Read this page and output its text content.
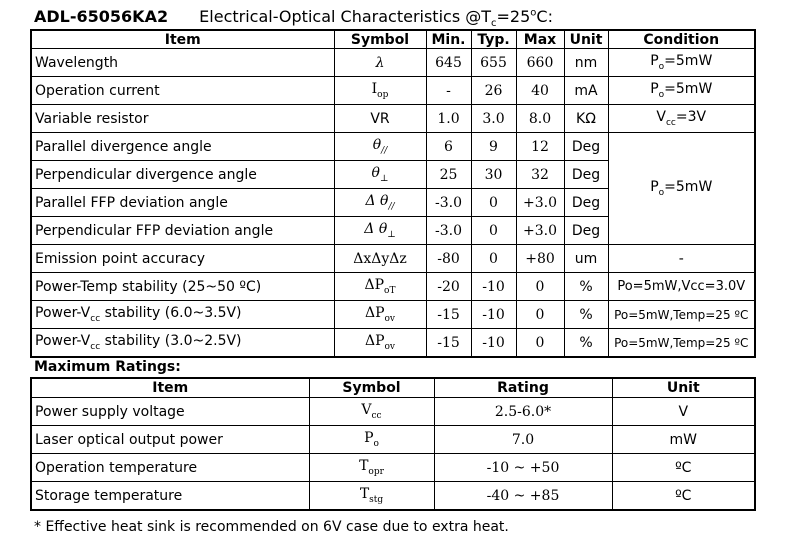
ADL-65056KA2 Electrical-Optical Characteristics $@T_c=25^oC$:
Item	Symbol	Min.	Typ.	Max	Unit	Condition
Wavelength	λ	645	655	660	nm	$P_o=5mW$
Operation current	$I_{op}$	-	26	40	mA	$P_o=5mW$
Variable resistor	VR	1.0	3.0	8.0	KΩ	$V_{cc}=3V$
Parallel divergence angle	$\theta_{//}$	6	9	12	Deg	$P_o=5mW$
Perpendicular divergence angle	$\theta_\perp$	25	30	32	Deg	
Parallel FFP deviation angle	Δ $\theta_{//}$	-3.0	0	+3.0	Deg	
Perpendicular FFP deviation angle	Δ $\theta_\perp$	-3.0	0	+3.0	Deg	
Emission point accuracy	ΔxΔyΔz	-80	0	+80	um	-
Power-Temp stability (25~50 ºC)	$\Delta P_{oT}$	-20	-10	0	%	Po=5mW,Vcc=3.0V
Power-$V_{cc}$ stability (6.0~3.5V)	$\Delta P_{ov}$	-15	-10	0	%	Po=5mW,Temp=25 ºC
Power-$V_{cc}$ stability (3.0~2.5V)	$\Delta P_{ov}$	-15	-10	0	%	Po=5mW,Temp=25 ºC
Maximum Ratings:
Item	Symbol	Rating	Unit
Power supply voltage	$V_{cc}$	2.5-6.0*	V
Laser optical output power	$P_o$	7.0	mW
Operation temperature	$T_{opr}$	-10 ~ +50	ºC
Storage temperature	$T_{stg}$	-40 ~ +85	ºC
* Effective heat sink is recommended on 6V case due to extra heat.
